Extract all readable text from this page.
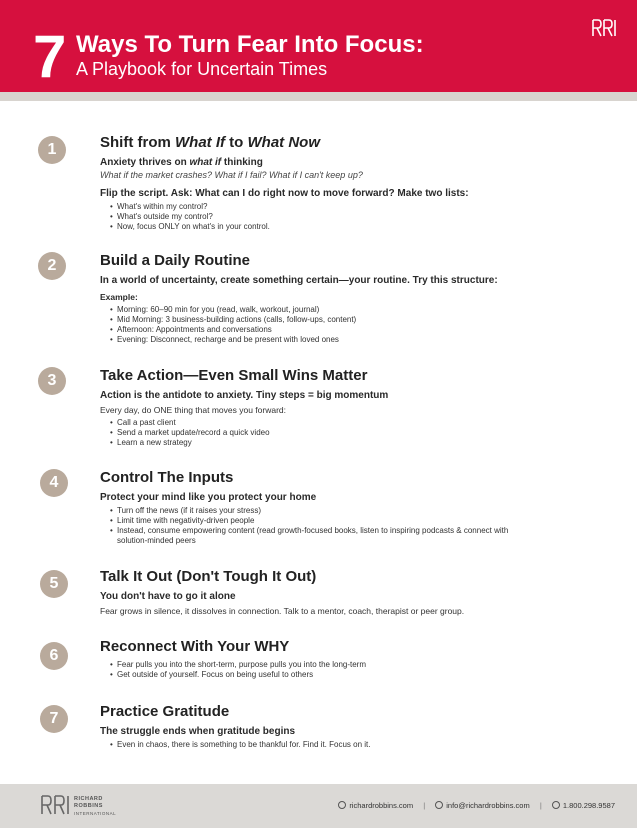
7 Ways To Turn Fear Into Focus:
A Playbook for Uncertain Times
1	Shift from What If to What Now
Anxiety thrives on what if thinking
What if the market crashes? What if I fail? What if I can't keep up?
Flip the script. Ask: What can I do right now to move forward? Make two lists:
• What's within my control?
• What's outside my control?
• Now, focus ONLY on what's in your control.
2	Build a Daily Routine
In a world of uncertainty, create something certain—your routine. Try this structure:
Example:
• Morning: 60–90 min for you (read, walk, workout, journal)
• Mid Morning: 3 business-building actions (calls, follow-ups, content)
• Afternoon: Appointments and conversations
• Evening: Disconnect, recharge and be present with loved ones
3	Take Action—Even Small Wins Matter
Action is the antidote to anxiety. Tiny steps = big momentum
Every day, do ONE thing that moves you forward:
• Call a past client
• Send a market update/record a quick video
• Learn a new strategy
4	Control The Inputs
Protect your mind like you protect your home
• Turn off the news (if it raises your stress)
• Limit time with negativity-driven people
• Instead, consume empowering content (read growth-focused books, listen to inspiring podcasts & connect with solution-minded peers
5	Talk It Out (Don't Tough It Out)
You don't have to go it alone
Fear grows in silence, it dissolves in connection. Talk to a mentor, coach, therapist or peer group.
6
Reconnect With Your WHY
• Fear pulls you into the short-term, purpose pulls you into the long-term
• Get outside of yourself. Focus on being useful to others
7	Practice Gratitude
The struggle ends when gratitude begins
• Even in chaos, there is something to be thankful for. Find it. Focus on it.
RICHARD
ROBBINS
INTERNATIONAL
richardrobbins.com |	info@richardrobbins.com |	1.800.298.9587
